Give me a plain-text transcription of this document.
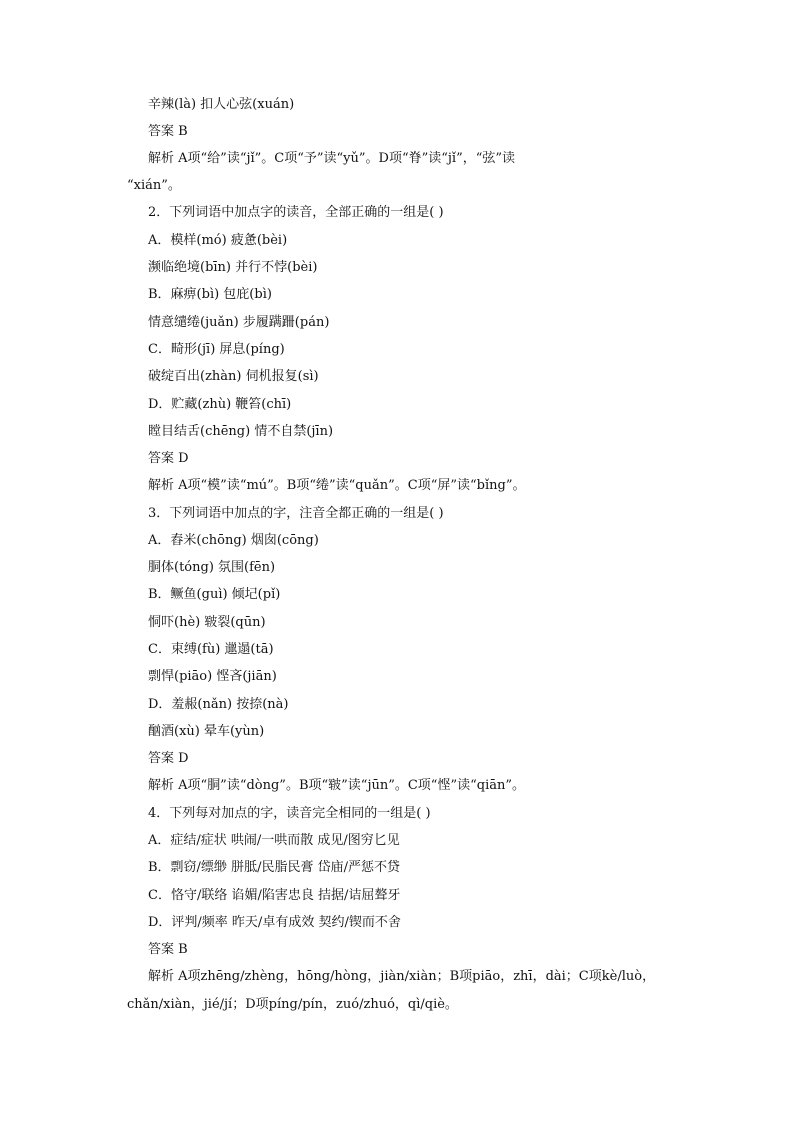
辛辣(là) 扣人心弦(xuán)
答案 B
解析 A项“给”读“jǐ”。C项“予”读“yǔ”。D项“脊”读“jǐ”，“弦”读
“xián”。
2．下列词语中加点字的读音，全部正确的一组是( )
A．模样(mó) 疲惫(bèi)
濒临绝境(bīn) 并行不悖(bèi)
B．麻痹(bì) 包庇(bì)
情意缱绻(juǎn) 步履蹒跚(pán)
C．畸形(jī) 屏息(píng)
破绽百出(zhàn) 伺机报复(sì)
D．贮藏(zhù) 鞭笞(chī)
瞠目结舌(chēng) 情不自禁(jīn)
答案 D
解析 A项“模”读“mú”。B项“绻”读“quǎn”。C项“屏”读“bǐng”。
3．下列词语中加点的字，注音全都正确的一组是( )
A．舂米(chōng) 烟囱(cōng)
胴体(tóng) 氛围(fēn)
B．鳜鱼(guì) 倾圮(pǐ)
恫吓(hè) 皲裂(qūn)
C．束缚(fù) 邋遢(tā)
剽悍(piāo) 悭吝(jiān)
D．羞赧(nǎn) 按捺(nà)
酗酒(xù) 晕车(yùn)
答案 D
解析 A项“胴”读“dòng”。B项“皲”读“jūn”。C项“悭”读“qiān”。
4．下列每对加点的字，读音完全相同的一组是( )
A．症结/症状 哄闹/一哄而散 成见/图穷匕见
B．剽窃/缥缈 胼胝/民脂民膏 岱庙/严惩不贷
C．恪守/联络 谄媚/陷害忠良 拮据/诘屈聱牙
D．评判/频率 昨天/卓有成效 契约/锲而不舍
答案 B
解析 A项zhēng/zhèng，hōng/hòng，jiàn/xiàn；B项piāo，zhī，dài；C项kè/luò，
chǎn/xiàn，jié/jí；D项píng/pín，zuó/zhuó，qì/qiè。
